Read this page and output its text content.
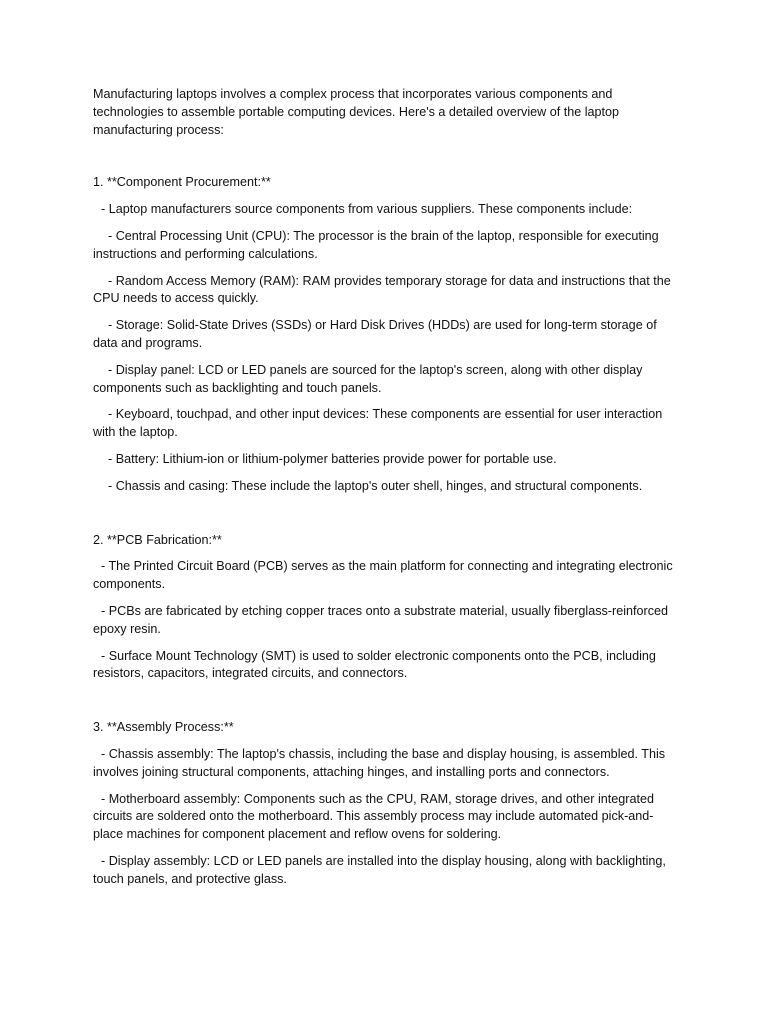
Manufacturing laptops involves a complex process that incorporates various components and technologies to assemble portable computing devices. Here's a detailed overview of the laptop manufacturing process:

1. **Component Procurement:**

- Laptop manufacturers source components from various suppliers. These components include:

- Central Processing Unit (CPU): The processor is the brain of the laptop, responsible for executing instructions and performing calculations.

- Random Access Memory (RAM): RAM provides temporary storage for data and instructions that the CPU needs to access quickly.

- Storage: Solid-State Drives (SSDs) or Hard Disk Drives (HDDs) are used for long-term storage of data and programs.

- Display panel: LCD or LED panels are sourced for the laptop's screen, along with other display components such as backlighting and touch panels.

- Keyboard, touchpad, and other input devices: These components are essential for user interaction with the laptop.

- Battery: Lithium-ion or lithium-polymer batteries provide power for portable use.

- Chassis and casing: These include the laptop's outer shell, hinges, and structural components.

2. **PCB Fabrication:**

- The Printed Circuit Board (PCB) serves as the main platform for connecting and integrating electronic components.

- PCBs are fabricated by etching copper traces onto a substrate material, usually fiberglass-reinforced epoxy resin.

- Surface Mount Technology (SMT) is used to solder electronic components onto the PCB, including resistors, capacitors, integrated circuits, and connectors.

3. **Assembly Process:**

- Chassis assembly: The laptop's chassis, including the base and display housing, is assembled. This involves joining structural components, attaching hinges, and installing ports and connectors.

- Motherboard assembly: Components such as the CPU, RAM, storage drives, and other integrated circuits are soldered onto the motherboard. This assembly process may include automated pick-and-place machines for component placement and reflow ovens for soldering.

- Display assembly: LCD or LED panels are installed into the display housing, along with backlighting, touch panels, and protective glass.
